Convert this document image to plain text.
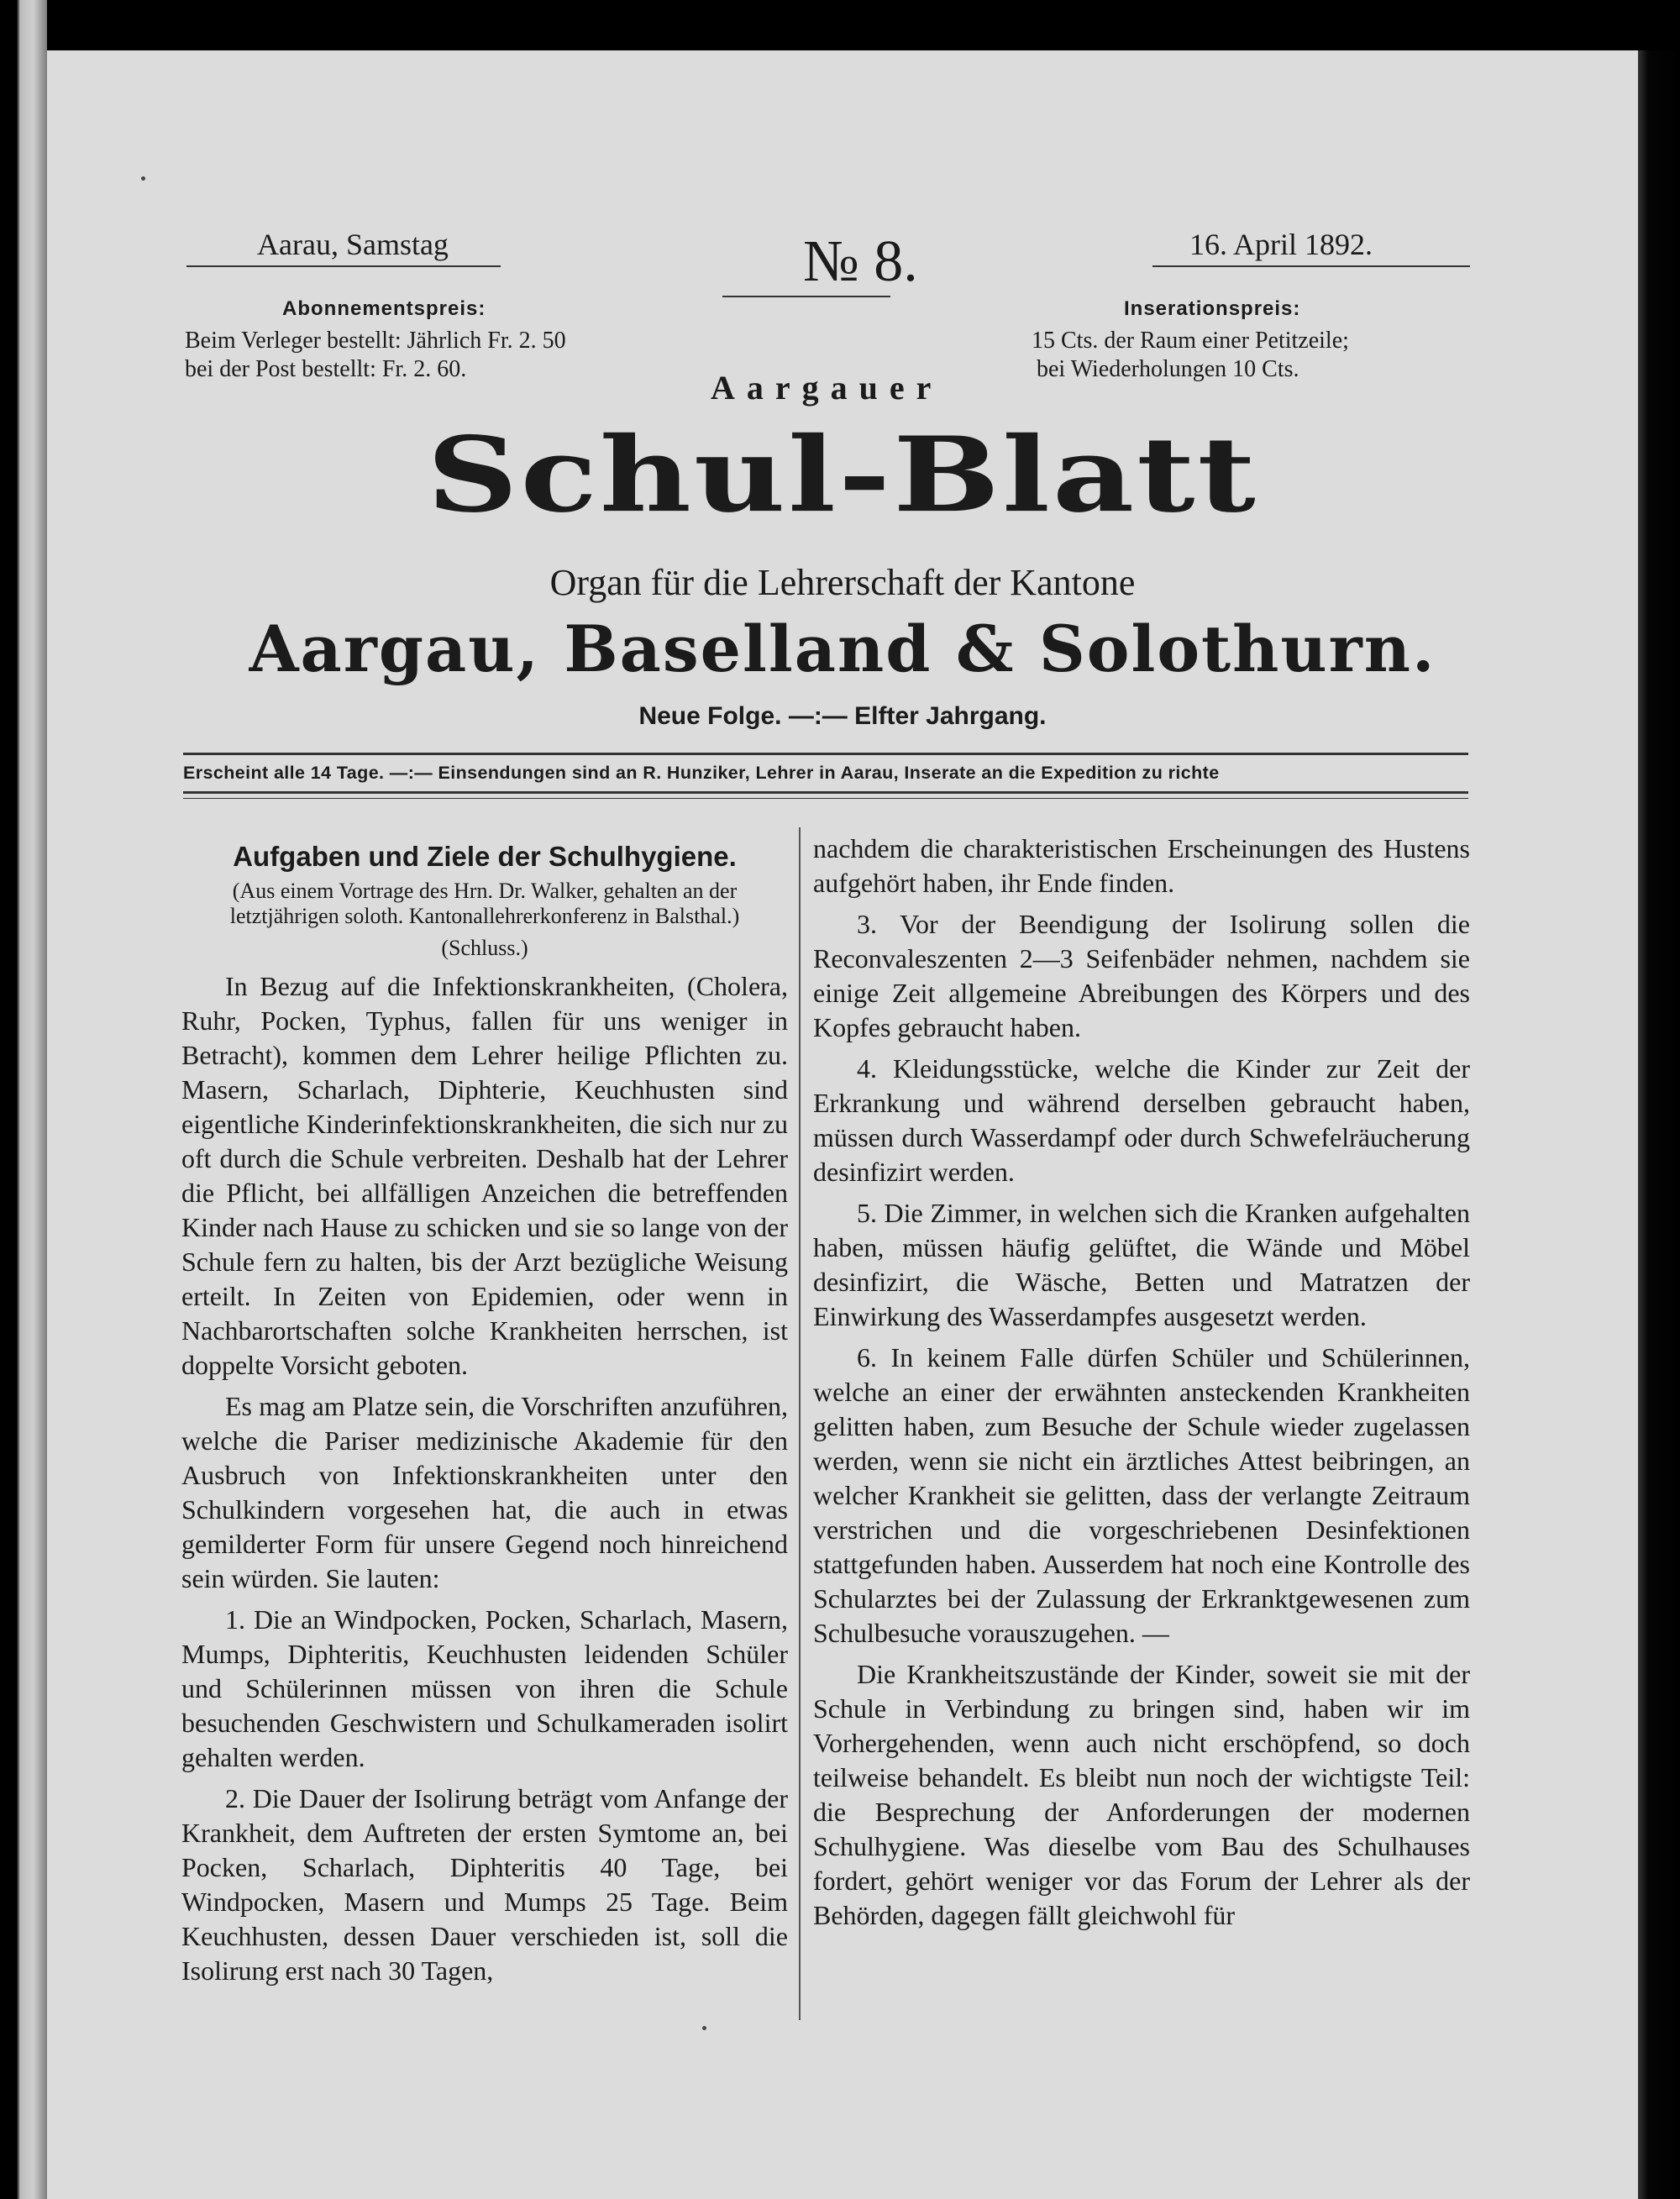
Aarau, Samstag	№ 8.	16. April 1892.
Abonnementspreis:
Beim Verleger bestellt: Jährlich Fr. 2. 50
bei der Post bestellt: Fr. 2. 60.
Inserationspreis:
15 Cts. der Raum einer Petitzeile;
bei Wiederholungen 10 Cts.
Aargauer
Schul-Blatt
Organ für die Lehrerschaft der Kantone
Aargau, Baselland & Solothurn.
Neue Folge. —:— Elfter Jahrgang.
Erscheint alle 14 Tage. —:— Einsendungen sind an R. Hunziker, Lehrer in Aarau, Inserate an die Expedition zu richte
Aufgaben und Ziele der Schulhygiene.
(Aus einem Vortrage des Hrn. Dr. Walker, gehalten an der letztjährigen soloth. Kantonallehrerkonferenz in Balsthal.)
(Schluss.)

In Bezug auf die Infektionskrankheiten, (Cholera, Ruhr, Pocken, Typhus, fallen für uns weniger in Betracht), kommen dem Lehrer heilige Pflichten zu. Masern, Scharlach, Diphterie, Keuchhusten sind eigentliche Kinderinfektionskrankheiten, die sich nur zu oft durch die Schule verbreiten. Deshalb hat der Lehrer die Pflicht, bei allfälligen Anzeichen die betreffenden Kinder nach Hause zu schicken und sie so lange von der Schule fern zu halten, bis der Arzt bezügliche Weisung erteilt. In Zeiten von Epidemien, oder wenn in Nachbarortschaften solche Krankheiten herrschen, ist doppelte Vorsicht geboten.

Es mag am Platze sein, die Vorschriften anzuführen, welche die Pariser medizinische Akademie für den Ausbruch von Infektionskrankheiten unter den Schulkindern vorgesehen hat, die auch in etwas gemilderter Form für unsere Gegend noch hinreichend sein würden. Sie lauten:

1. Die an Windpocken, Pocken, Scharlach, Masern, Mumps, Diphteritis, Keuchhusten leidenden Schüler und Schülerinnen müssen von ihren die Schule besuchenden Geschwistern und Schulkameraden isolirt gehalten werden.

2. Die Dauer der Isolirung beträgt vom Anfange der Krankheit, dem Auftreten der ersten Symtome an, bei Pocken, Scharlach, Diphteritis 40 Tage, bei Windpocken, Masern und Mumps 25 Tage. Beim Keuchhusten, dessen Dauer verschieden ist, soll die Isolirung erst nach 30 Tagen,

nachdem die charakteristischen Erscheinungen des Hustens aufgehört haben, ihr Ende finden.

3. Vor der Beendigung der Isolirung sollen die Reconvaleszenten 2—3 Seifenbäder nehmen, nachdem sie einige Zeit allgemeine Abreibungen des Körpers und des Kopfes gebraucht haben.

4. Kleidungsstücke, welche die Kinder zur Zeit der Erkrankung und während derselben gebraucht haben, müssen durch Wasserdampf oder durch Schwefelräucherung desinfizirt werden.

5. Die Zimmer, in welchen sich die Kranken aufgehalten haben, müssen häufig gelüftet, die Wände und Möbel desinfizirt, die Wäsche, Betten und Matratzen der Einwirkung des Wasserdampfes ausgesetzt werden.

6. In keinem Falle dürfen Schüler und Schülerinnen, welche an einer der erwähnten ansteckenden Krankheiten gelitten haben, zum Besuche der Schule wieder zugelassen werden, wenn sie nicht ein ärztliches Attest beibringen, an welcher Krankheit sie gelitten, dass der verlangte Zeitraum verstrichen und die vorgeschriebenen Desinfektionen stattgefunden haben. Ausserdem hat noch eine Kontrolle des Schularztes bei der Zulassung der Erkranktgewesenen zum Schulbesuche vorauszugehen. —

Die Krankheitszustände der Kinder, soweit sie mit der Schule in Verbindung zu bringen sind, haben wir im Vorhergehenden, wenn auch nicht erschöpfend, so doch teilweise behandelt. Es bleibt nun noch der wichtigste Teil: die Besprechung der Anforderungen der modernen Schulhygiene. Was dieselbe vom Bau des Schulhauses fordert, gehört weniger vor das Forum der Lehrer als der Behörden, dagegen fällt gleichwohl für
